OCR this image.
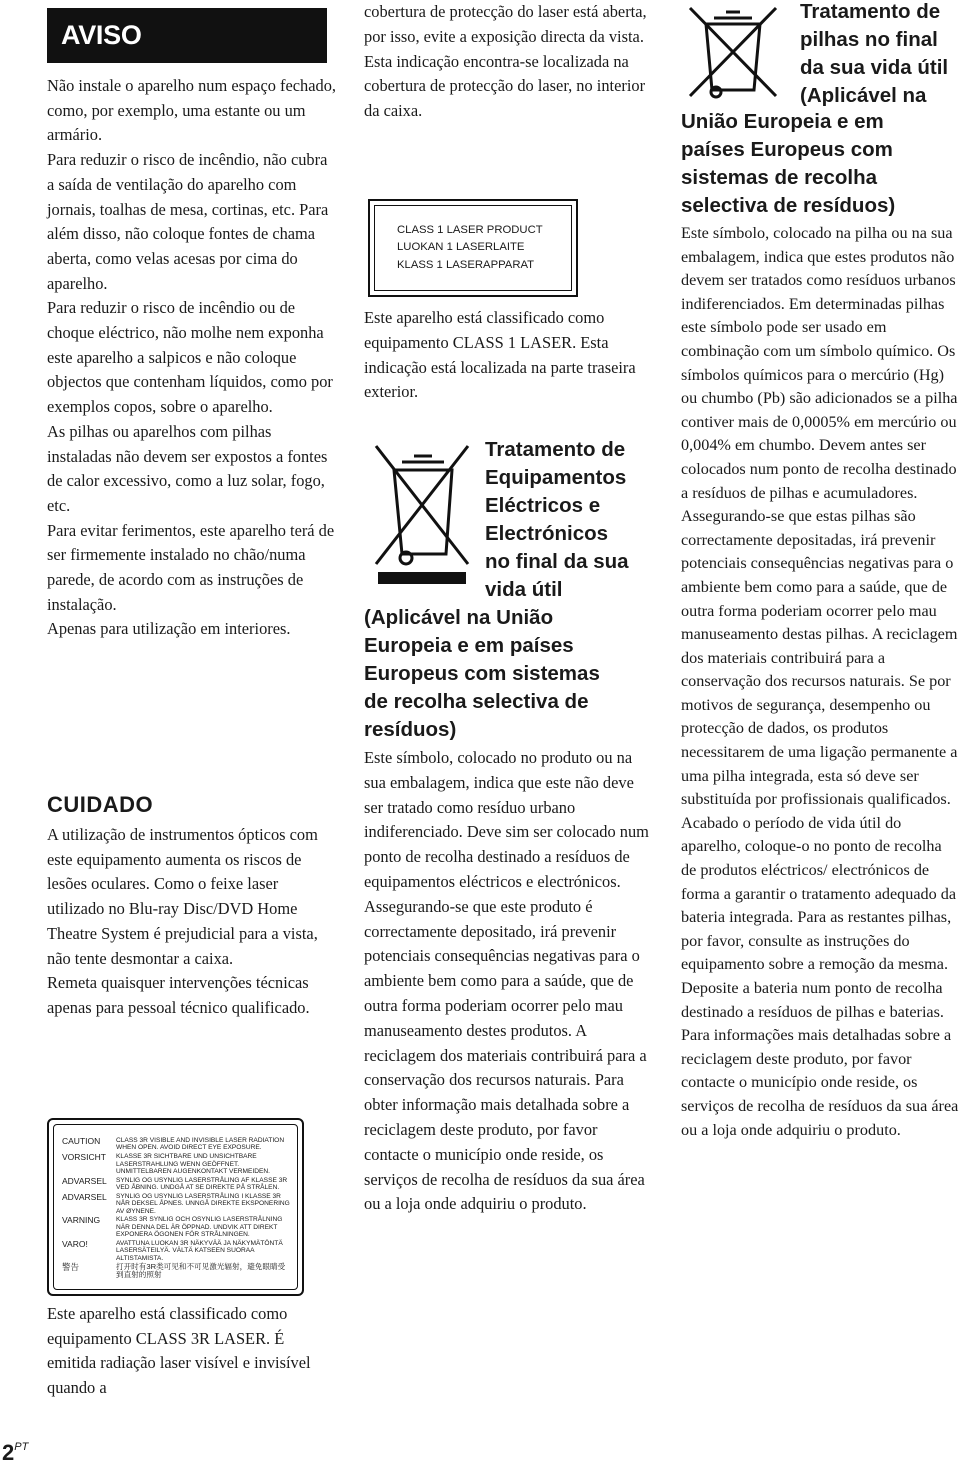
AVISO

Não instale o aparelho num espaço fechado, como, por exemplo, uma estante ou um armário.

Para reduzir o risco de incêndio, não cubra a saída de ventilação do aparelho com jornais, toalhas de mesa, cortinas, etc. Para além disso, não coloque fontes de chama aberta, como velas acesas por cima do aparelho.

Para reduzir o risco de incêndio ou de choque eléctrico, não molhe nem exponha este aparelho a salpicos e não coloque objectos que contenham líquidos, como por exemplos copos, sobre o aparelho.

As pilhas ou aparelhos com pilhas instaladas não devem ser expostos a fontes de calor excessivo, como a luz solar, fogo, etc.

Para evitar ferimentos, este aparelho terá de ser firmemente instalado no chão/numa parede, de acordo com as instruções de instalação.

Apenas para utilização em interiores.

CUIDADO

A utilização de instrumentos ópticos com este equipamento aumenta os riscos de lesões oculares. Como o feixe laser utilizado no Blu-ray Disc/DVD Home Theatre System é prejudicial para a vista, não tente desmontar a caixa.

Remeta quaisquer intervenções técnicas apenas para pessoal técnico qualificado.

CAUTION	CLASS 3R VISIBLE AND INVISIBLE LASER RADIATION WHEN OPEN. AVOID DIRECT EYE EXPOSURE.
VORSICHT	KLASSE 3R SICHTBARE UND UNSICHTBARE LASERSTRAHLUNG WENN GEÖFFNET. UNMITTELBAREN AUGENKONTAKT VERMEIDEN.
ADVARSEL	SYNLIG OG USYNLIG LASERSTRÅLING AF KLASSE 3R VED ÅBNING. UNDGÅ AT SE DIREKTE PÅ STRÅLEN.
ADVARSEL	SYNLIG OG USYNLIG LASERSTRÅLING I KLASSE 3R NÅR DEKSEL ÅPNES. UNNGÅ DIREKTE EKSPONERING AV ØYNENE.
VARNING	KLASS 3R SYNLIG OCH OSYNLIG LASERSTRÅLNING NÄR DENNA DEL ÄR ÖPPNAD. UNDVIK ATT DIREKT EXPONERA ÖGONEN FÖR STRÅLNINGEN.
VARO!	AVATTUNA LUOKAN 3R NÄKYVÄÄ JA NÄKYMÄTÖNTÄ LASERSÄTEILYÄ. VÄLTÄ KATSEEN SUORAA ALTISTAMISTA.
警告	打开时有3R类可见和不可见激光辐射，避免眼睛受到直射的照射

Este aparelho está classificado como equipamento CLASS 3R LASER. É emitida radiação laser visível e invisível quando a

cobertura de protecção do laser está aberta, por isso, evite a exposição directa da vista.

Esta indicação encontra-se localizada na cobertura de protecção do laser, no interior da caixa.

CLASS 1 LASER PRODUCT
LUOKAN 1 LASERLAITE
KLASS 1 LASERAPPARAT

Este aparelho está classificado como equipamento CLASS 1 LASER. Esta indicação está localizada na parte traseira exterior.

Tratamento de

Equipamentos

Eléctricos e

Electrónicos

no final da sua

vida útil

(Aplicável na União

Europeia e em países

Europeus com sistemas

de recolha selectiva de

resíduos)

Este símbolo, colocado no produto ou na sua embalagem, indica que este não deve ser tratado como resíduo urbano indiferenciado. Deve sim ser colocado num ponto de recolha destinado a resíduos de equipamentos eléctricos e electrónicos. Assegurando-se que este produto é correctamente depositado, irá prevenir potenciais consequências negativas para o ambiente bem como para a saúde, que de outra forma poderiam ocorrer pelo mau manuseamento destes produtos. A reciclagem dos materiais contribuirá para a conservação dos recursos naturais. Para obter informação mais detalhada sobre a reciclagem deste produto, por favor contacte o município onde reside, os serviços de recolha de resíduos da sua área ou a loja onde adquiriu o produto.

Tratamento de

pilhas no final

da sua vida útil

(Aplicável na

União Europeia e em

países Europeus com

sistemas de recolha

selectiva de resíduos)

Este símbolo, colocado na pilha ou na sua embalagem, indica que estes produtos não devem ser tratados como resíduos urbanos indiferenciados. Em determinadas pilhas este símbolo pode ser usado em combinação com um símbolo químico. Os símbolos químicos para o mercúrio (Hg) ou chumbo (Pb) são adicionados se a pilha contiver mais de 0,0005% em mercúrio ou 0,004% em chumbo. Devem antes ser colocados num ponto de recolha destinado a resíduos de pilhas e acumuladores. Assegurando-se que estas pilhas são correctamente depositadas, irá prevenir potenciais consequências negativas para o ambiente bem como para a saúde, que de outra forma poderiam ocorrer pelo mau manuseamento destas pilhas. A reciclagem dos materiais contribuirá para a conservação dos recursos naturais. Se por motivos de segurança, desempenho ou protecção de dados, os produtos necessitarem de uma ligação permanente a uma pilha integrada, esta só deve ser substituída por profissionais qualificados.

Acabado o período de vida útil do aparelho, coloque-o no ponto de recolha de produtos eléctricos/ electrónicos de forma a garantir o tratamento adequado da bateria integrada. Para as restantes pilhas, por favor, consulte as instruções do equipamento sobre a remoção da mesma. Deposite a bateria num ponto de recolha destinado a resíduos de pilhas e baterias. Para informações mais detalhadas sobre a reciclagem deste produto, por favor contacte o município onde reside, os serviços de recolha de resíduos da sua área ou a loja onde adquiriu o produto.

$2^{PT}$
